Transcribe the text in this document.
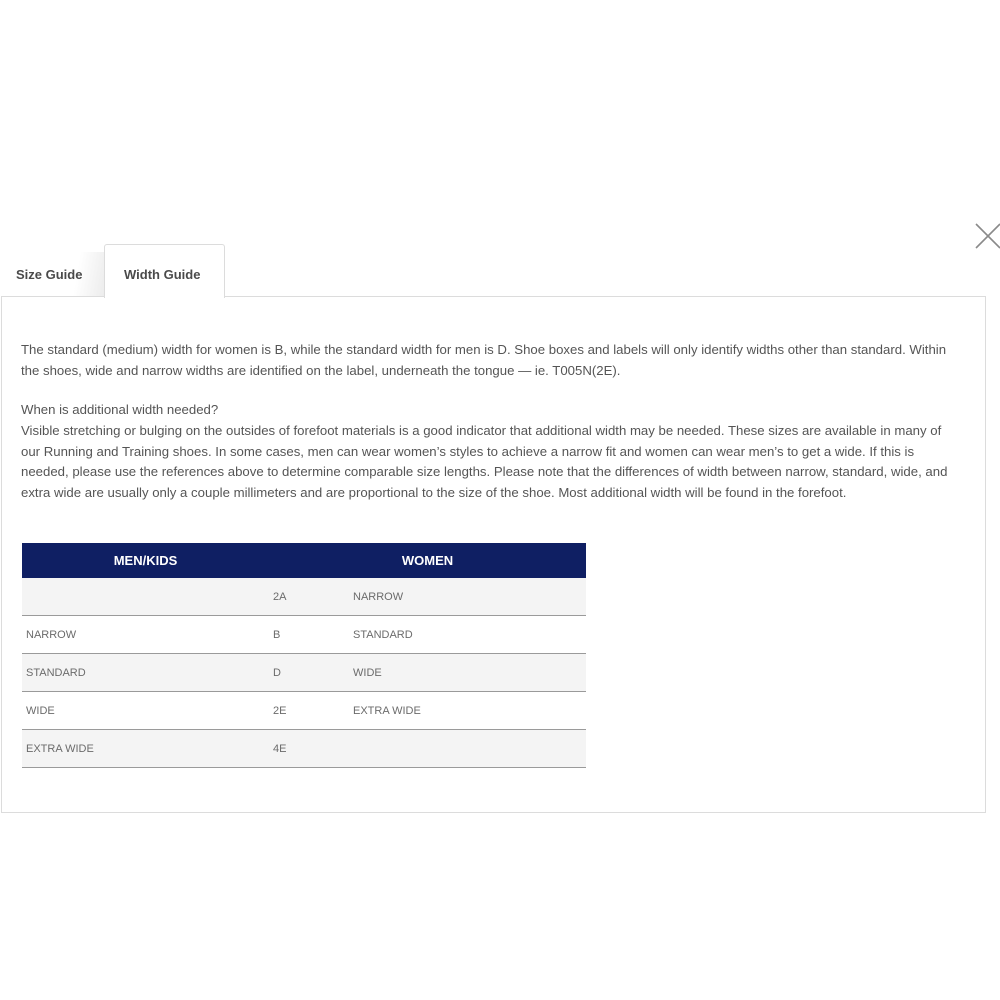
Size Guide	Width Guide

The standard (medium) width for women is B, while the standard width for men is D. Shoe boxes and labels will only identify widths other than standard. Within the shoes, wide and narrow widths are identified on the label, underneath the tongue — ie. T005N(2E).

When is additional width needed?

Visible stretching or bulging on the outsides of forefoot materials is a good indicator that additional width may be needed. These sizes are available in many of our Running and Training shoes. In some cases, men can wear women’s styles to achieve a narrow fit and women can wear men’s to get a wide. If this is needed, please use the references above to determine comparable size lengths. Please note that the differences of width between narrow, standard, wide, and extra wide are usually only a couple millimeters and are proportional to the size of the shoe. Most additional width will be found in the forefoot.

MEN/KIDS	WOMEN	
	2A	NARROW
NARROW	B	STANDARD
STANDARD	D	WIDE
WIDE	2E	EXTRA WIDE
EXTRA WIDE	4E	
